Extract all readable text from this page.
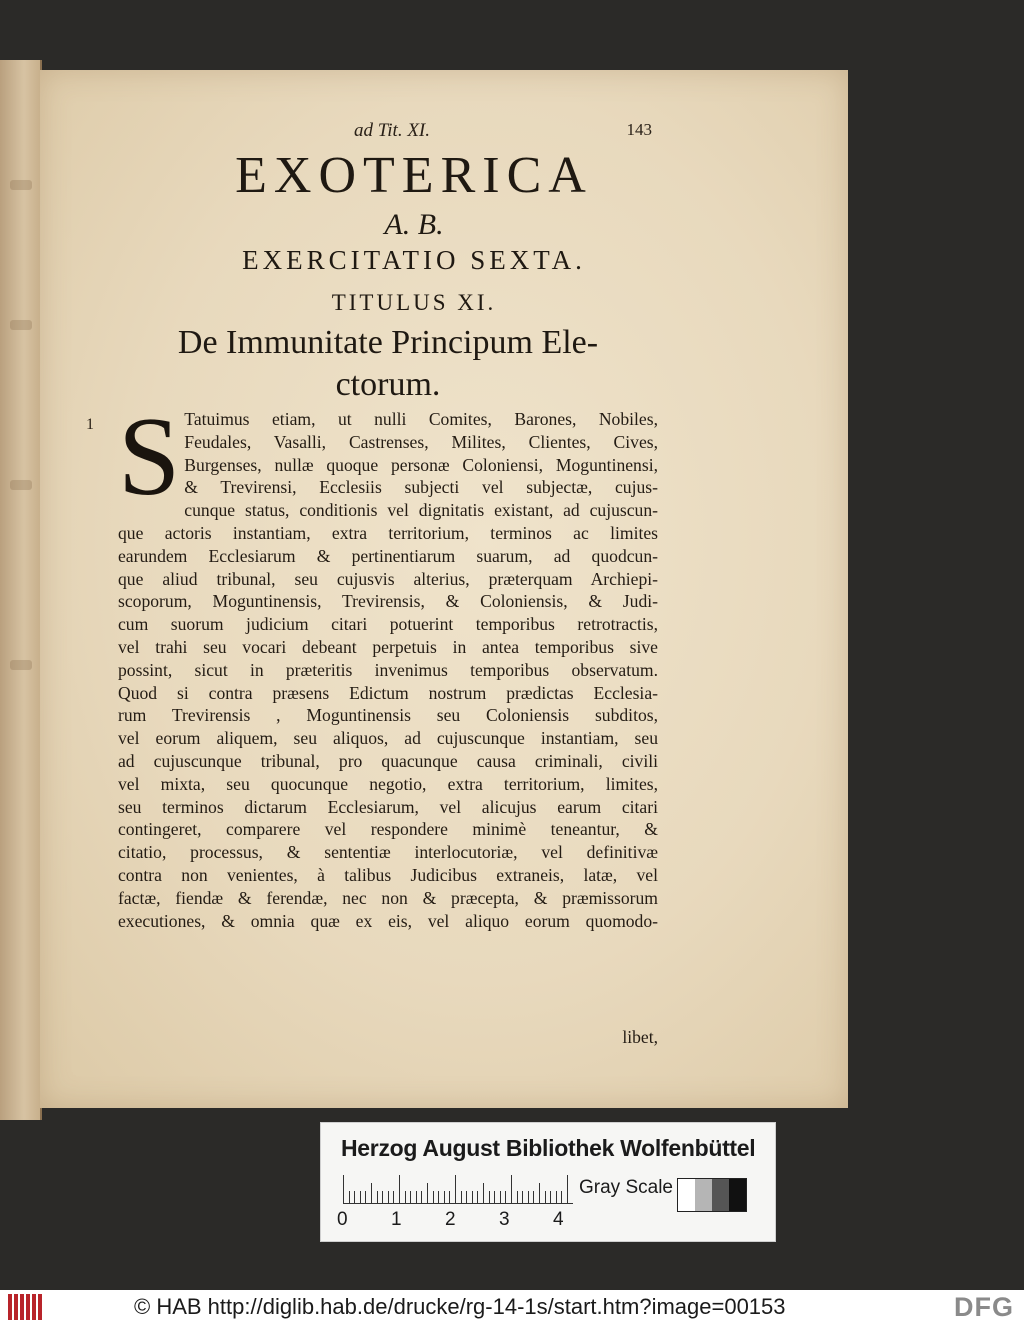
ad Tit. XI.	143
EXOTERICA
A. B.
EXERCITATIO SEXTA.
TITULUS XI.
De Immunitate Principum Ele-
ctorum.
1 S Tatuimus etiam, ut nulli Comites, Barones, Nobiles,
Feudales, Vasalli, Castrenses, Milites, Clientes, Cives,
Burgenses, nullæ quoque personæ Coloniensi, Moguntinensi,
& Trevirensi, Ecclesiis subjecti vel subjectæ, cujus-
cunque status, conditionis vel dignitatis existant, ad cujuscun-
que actoris instantiam, extra territorium, terminos ac limites
earundem Ecclesiarum & pertinentiarum suarum, ad quodcun-
que aliud tribunal, seu cujusvis alterius, præterquam Archiepi-
scoporum, Moguntinensis, Trevirensis, & Coloniensis, & Judi-
cum suorum judicium citari potuerint temporibus retrotractis,
vel trahi seu vocari debeant perpetuis in antea temporibus sive
possint, sicut in præteritis invenimus temporibus observatum.
Quod si contra præsens Edictum nostrum prædictas Ecclesia-
rum Trevirensis , Moguntinensis seu Coloniensis subditos,
vel eorum aliquem, seu aliquos, ad cujuscunque instantiam, seu
ad cujuscunque tribunal, pro quacunque causa criminali, civili
vel mixta, seu quocunque negotio, extra territorium, limites,
seu terminos dictarum Ecclesiarum, vel alicujus earum citari
contingeret, comparere vel respondere minimè teneantur, &
citatio, processus, & sententiæ interlocutoriæ, vel definitivæ
contra non venientes, à talibus Judicibus extraneis, latæ, vel
factæ, fiendæ & ferendæ, nec non & præcepta, & præmissorum
executiones, & omnia quæ ex eis, vel aliquo eorum quomodo-
libet,
Herzog August Bibliothek Wolfenbüttel
0 1 2 3 4
Gray Scale
© HAB http://diglib.hab.de/drucke/rg-14-1s/start.htm?image=00153	DFG
